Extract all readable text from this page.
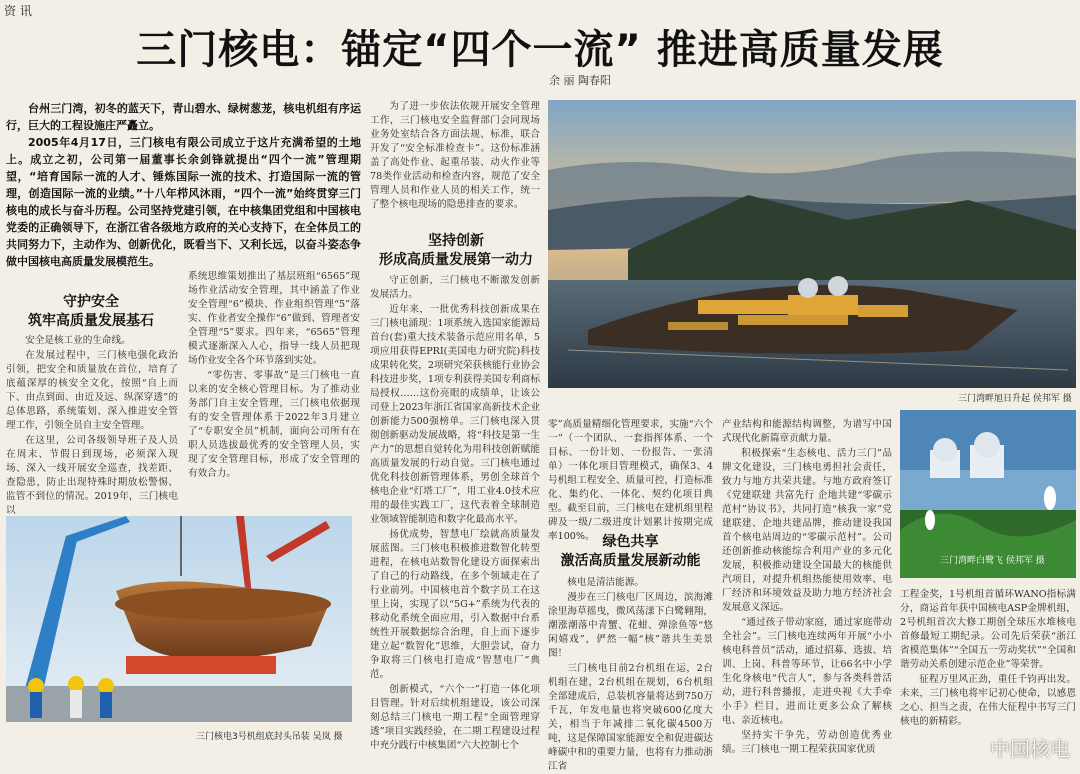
资 讯
三门核电：锚定“四个一流” 推进高质量发展
余 丽 陶春阳

台州三门湾，初冬的蓝天下，青山碧水、绿树葱茏，核电机组有序运行，巨大的工程设施庄严矗立。

2005年4月17日，三门核电有限公司成立于这片充满希望的土地上。成立之初，公司第一届董事长余剑锋就提出“四个一流”管理期望，“培育国际一流的人才、锤炼国际一流的技术、打造国际一流的管理，创造国际一流的业绩。”十八年栉风沐雨，“四个一流”始终贯穿三门核电的成长与奋斗历程。公司坚持党建引领，在中核集团党组和中国核电党委的正确领导下，在浙江省各级地方政府的关心支持下，在全体员工的共同努力下，主动作为、创新优化，既看当下、又利长远，以奋斗姿态争做中国核电高质量发展模范生。

为了进一步依法依规开展安全管理工作，三门核电安全监督部门会同现场业务处室结合各方面法规、标准，联合开发了“安全标准检查卡”。这份标准涵盖了高处作业、起重吊装、动火作业等78类作业活动和检查内容，规范了安全管理人员和作业人员的相关工作，统一了整个核电现场的隐患排查的要求。

坚持创新
形成高质量发展第一动力

守正创新，三门核电不断激发创新发展活力。

近年来，一批优秀科技创新成果在三门核电涌现：1项系统入选国家能源局首台(套)重大技术装备示范应用名单，5项应用获得EPRI(美国电力研究院)科技成果转化奖，2项研究荣获核能行业协会科技进步奖，1项专利获得美国专利商标局授权……这份亮眼的成绩单，让该公司登上2023年浙江省国家高新技术企业创新能力500强榜单。三门核电深入贯彻创新驱动发展战略，将“科技是第一生产力”的思想自觉转化为用科技创新赋能高质量发展的行动自觉。三门核电通过优化科技创新管理体系，男创全球首个核电企业“灯塔工厂”，用工业4.0技术应用的最佳实践工厂，这代表着全球制造业领域智能制造和数字化最高水平。

扬优成势，智慧电厂绘就高质量发展蓝图。三门核电积极推进数智化转型进程，在核电站数智化建设方面探索出了自己的行动路线，在多个领域走在了行业前列。中国核电首个数字员工在这里上岗，实现了以“5G+”系统为代表的移动化系统全面应用，引入数据中台系统性开展数据综合治理，自上而下逐步建立起“数智化”思维，大胆尝试，奋力争取将三门核电打造成“智慧电厂”典范。

创新模式，“六个一”打造一体化项目管理。针对后续机组建设，该公司深刻总结三门核电一期工程“全面管理穿透”项目实践经验，在二期工程建设过程中充分践行中核集团“六大控制七个

守护安全
筑牢高质量发展基石

安全是核工业的生命线。

在发展过程中，三门核电强化政治引领，把安全和质量放在首位，培育了底蕴深厚的核安全文化，按照“自上而下、由点到面、由近及远、纵深穿透”的总体思路，系统策划、深入推进安全管理工作，引领全员自主安全管理。

在这里，公司各级领导班子及人员在周末、节假日到现场，必须深入现场、深入一线开展安全巡查，找差距、查隐患，防止出现特殊时期放松警惕、监管不到位的情况。2019年，三门核电以

系统思维策划推出了基层班组“6565”现场作业活动安全管理，其中涵盖了作业安全管理“6”模块、作业组织管理“5”落实、作业者安全操作“6”做到、管理者安全管理“5”要求。四年来，“6565”管理模式逐渐深入人心，指导一线人员把现场作业安全各个环节落到实处。

“零伤害、零事故”是三门核电一直以来的安全核心管理目标。为了推动业务部门自主安全管理，三门核电依据现有的安全管理体系于2022年3月建立了“专职安全员”机制，面向公司所有在职人员选拔最优秀的安全管理人员，实现了安全管理目标，形成了安全管理的有效合力。

三门核电3号机组底封头吊装 吴岚 摄
三门湾畔旭日升起 侯邦军 摄

零”高质量精细化管理要求，实施“六个一”（一个团队、一套指挥体系、一个目标、一份计划、一份报告、一张清单）一体化项目管理模式，确保3、4号机组工程安全、质量可控，打造标准化、集约化、一体化、契约化项目典型。截至目前，三门核电在建机组里程碑及一级/二级进度计划累计按期完成率100%。 绿色共享
激活高质量发展新动能

核电是清洁能源。

漫步在三门核电厂区周边，滨海滩涂里海草摇曳，微风荡漾下白鹭翱翔，潮涨潮落中青蟹、花蚶、弹涂鱼等“悠闲嬉戏”，俨然一幅“核”谐共生美景图！

三门核电目前2台机组在运，2台机组在建，2台机组在规划，6台机组全部建成后，总装机容量将达到750万千瓦，年发电量也将突破600亿度大关，相当于年减排二氧化碳4500万吨，这是保障国家能源安全和促进碳达峰碳中和的重要力量，也将有力推动浙江省

产业结构和能源结构调整，为谱写中国式现代化新篇章贡献力量。

积极探索“生态核电、活力三门”品牌文化建设，三门核电勇担社会责任，致力与地方共荣共建。与地方政府签订《党建联建 共富先行 企地共建“零碳示范村”协议书》，共同打造“核我一家”党建联建、企地共建品牌，推动建设我国首个核电站周边的“零碳示范村”。公司还创新推动核能综合利用产业的多元化发展，积极推动建设全国最大的核能供汽项目，对提升机组热能使用效率、电厂经济和环境效益及助力地方经济社会发展意义深远。

“通过孩子带动家庭，通过家庭带动全社会”。三门核电连续两年开展“小小核电科普员”活动，通过招募、选拔、培训、上岗、科普等环节，让66名中小学生化身核电“代言人”，参与各类科普活动，进行科普播报，走进央视《大手牵小手》栏目，进而让更多公众了解核电、亲近核电。

坚持实干争先，劳动创造优秀业绩。三门核电一期工程荣获国家优质

三门湾畔白鹭飞 侯邦军 摄

工程金奖，1号机组首循环WANO指标满分，商运首年获中国核电ASP金牌机组，2号机组首次大修工期创全球压水堆核电首修最短工期纪录。公司先后荣获“浙江省模范集体”“全国五一劳动奖状”“全国和谐劳动关系创建示范企业”等荣誉。

征程万里风正劲，重任千钧再出发。未来，三门核电将牢记初心使命，以感恩之心、担当之责，在伟大征程中书写三门核电的新精彩。

中国核电
